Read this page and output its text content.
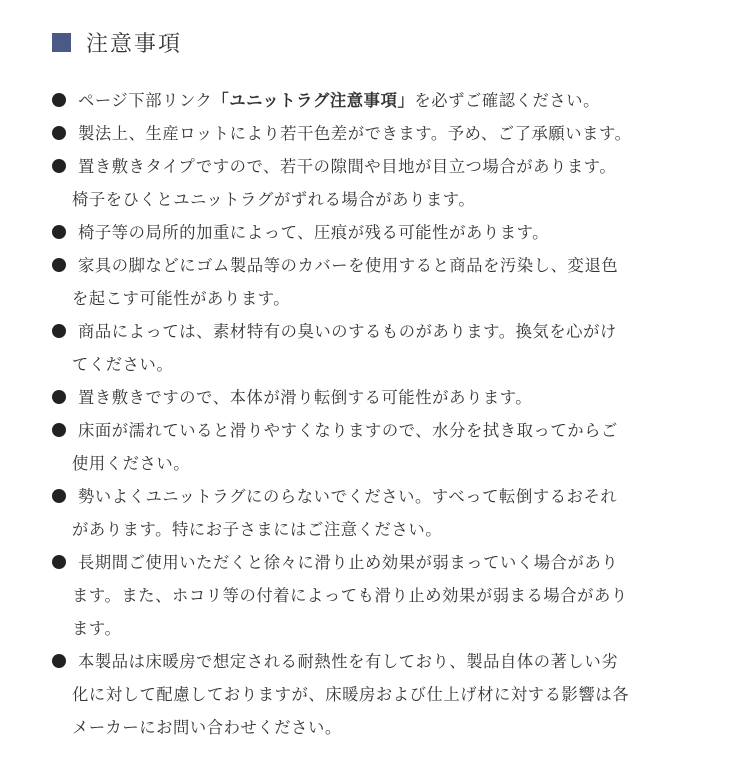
注意事項
ページ下部リンク「ユニットラグ注意事項」を必ずご確認ください。
製法上、生産ロットにより若干色差ができます。予め、ご了承願います。
置き敷きタイプですので、若干の隙間や目地が目立つ場合があります。
椅子をひくとユニットラグがずれる場合があります。
椅子等の局所的加重によって、圧痕が残る可能性があります。
家具の脚などにゴム製品等のカバーを使用すると商品を汚染し、変退色
を起こす可能性があります。
商品によっては、素材特有の臭いのするものがあります。換気を心がけ
てください。
置き敷きですので、本体が滑り転倒する可能性があります。
床面が濡れていると滑りやすくなりますので、水分を拭き取ってからご
使用ください。
勢いよくユニットラグにのらないでください。すべって転倒するおそれ
があります。特にお子さまにはご注意ください。
長期間ご使用いただくと徐々に滑り止め効果が弱まっていく場合があり
ます。また、ホコリ等の付着によっても滑り止め効果が弱まる場合があり
ます。
本製品は床暖房で想定される耐熱性を有しており、製品自体の著しい劣
化に対して配慮しておりますが、床暖房および仕上げ材に対する影響は各
メーカーにお問い合わせください。
